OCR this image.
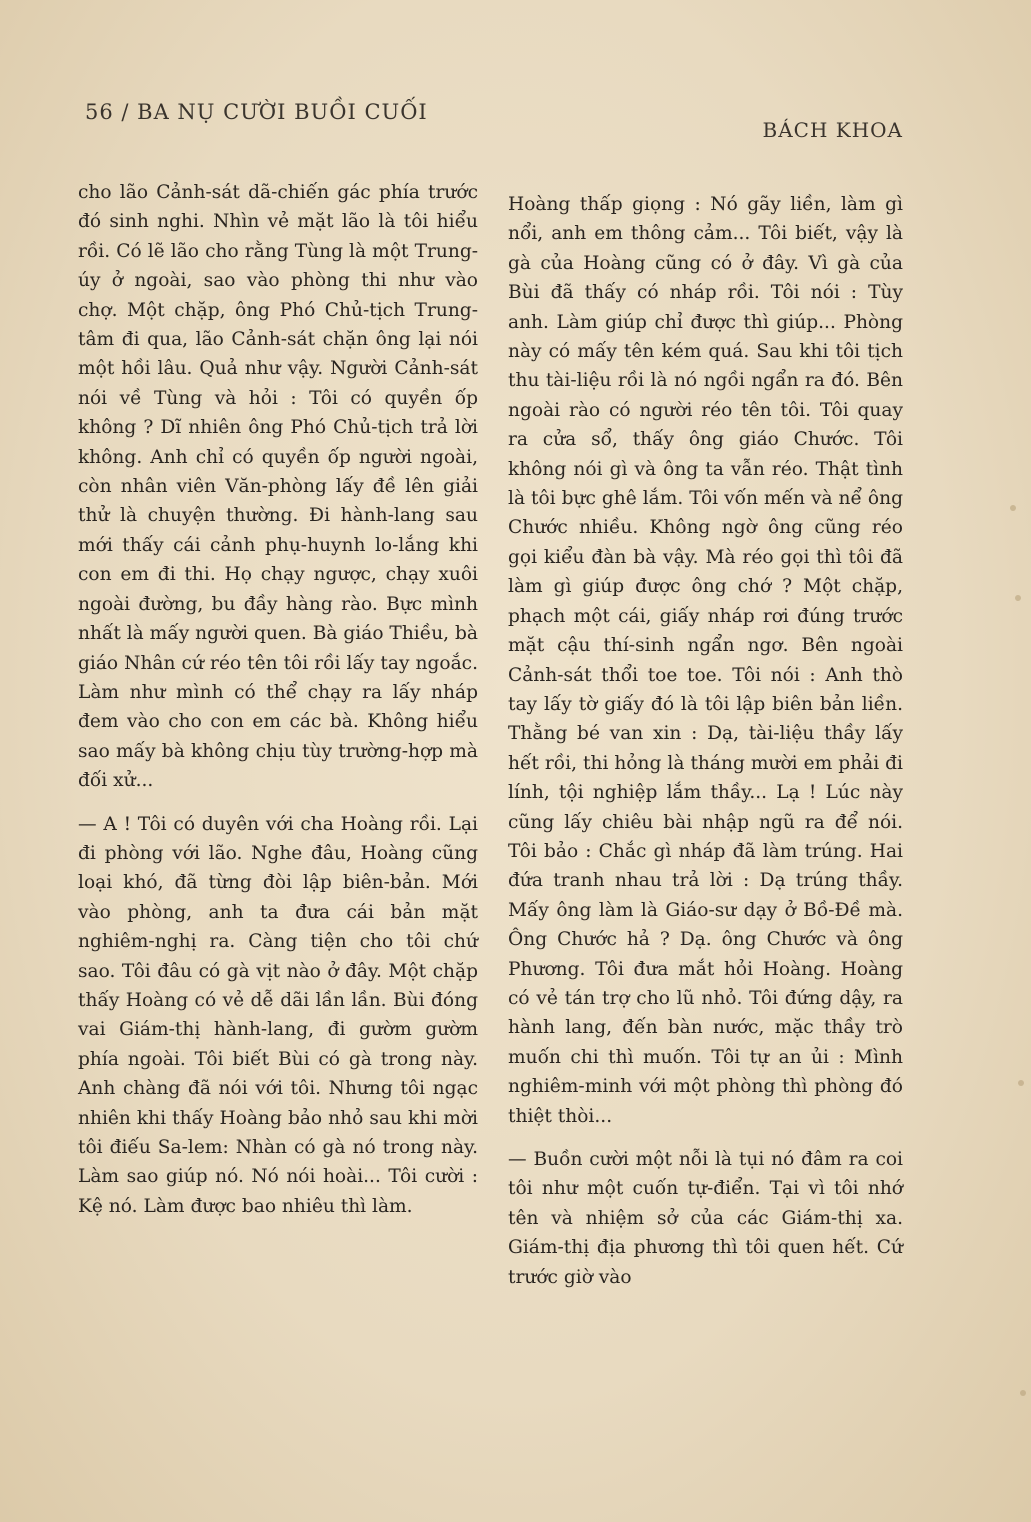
56 / BA NỤ CƯỜI BUỒI CUỐI
BÁCH KHOA

cho lão Cảnh-sát dã-chiến gác phía trước đó sinh nghi. Nhìn vẻ mặt lão là tôi hiểu rồi. Có lẽ lão cho rằng Tùng là một Trung-úy ở ngoài, sao vào phòng thi như vào chợ. Một chặp, ông Phó Chủ-tịch Trung-tâm đi qua, lão Cảnh-sát chặn ông lại nói một hồi lâu. Quả như vậy. Người Cảnh-sát nói về Tùng và hỏi : Tôi có quyền ốp không ? Dĩ nhiên ông Phó Chủ-tịch trả lời không. Anh chỉ có quyền ốp người ngoài, còn nhân viên Văn-phòng lấy đề lên giải thử là chuyện thường. Đi hành-lang sau mới thấy cái cảnh phụ-huynh lo-lắng khi con em đi thi. Họ chạy ngược, chạy xuôi ngoài đường, bu đầy hàng rào. Bực mình nhất là mấy người quen. Bà giáo Thiều, bà giáo Nhân cứ réo tên tôi rồi lấy tay ngoắc. Làm như mình có thể chạy ra lấy nháp đem vào cho con em các bà. Không hiểu sao mấy bà không chịu tùy trường-hợp mà đối xử...

— A ! Tôi có duyên với cha Hoàng rồi. Lại đi phòng với lão. Nghe đâu, Hoàng cũng loại khó, đã từng đòi lập biên-bản. Mới vào phòng, anh ta đưa cái bản mặt nghiêm-nghị ra. Càng tiện cho tôi chứ sao. Tôi đâu có gà vịt nào ở đây. Một chặp thấy Hoàng có vẻ dễ dãi lần lần. Bùi đóng vai Giám-thị hành-lang, đi gườm gườm phía ngoài. Tôi biết Bùi có gà trong này. Anh chàng đã nói với tôi. Nhưng tôi ngạc nhiên khi thấy Hoàng bảo nhỏ sau khi mời tôi điếu Sa-lem: Nhàn có gà nó trong này. Làm sao giúp nó. Nó nói hoài... Tôi cười : Kệ nó. Làm được bao nhiêu thì làm.

Hoàng thấp giọng : Nó gãy liền, làm gì nổi, anh em thông cảm... Tôi biết, vậy là gà của Hoàng cũng có ở đây. Vì gà của Bùi đã thấy có nháp rồi. Tôi nói : Tùy anh. Làm giúp chỉ được thì giúp... Phòng này có mấy tên kém quá. Sau khi tôi tịch thu tài-liệu rồi là nó ngồi ngẩn ra đó. Bên ngoài rào có người réo tên tôi. Tôi quay ra cửa sổ, thấy ông giáo Chước. Tôi không nói gì và ông ta vẫn réo. Thật tình là tôi bực ghê lắm. Tôi vốn mến và nể ông Chước nhiều. Không ngờ ông cũng réo gọi kiểu đàn bà vậy. Mà réo gọi thì tôi đã làm gì giúp được ông chớ ? Một chặp, phạch một cái, giấy nháp rơi đúng trước mặt cậu thí-sinh ngẩn ngơ. Bên ngoài Cảnh-sát thổi toe toe. Tôi nói : Anh thò tay lấy tờ giấy đó là tôi lập biên bản liền. Thằng bé van xin : Dạ, tài-liệu thầy lấy hết rồi, thi hỏng là tháng mười em phải đi lính, tội nghiệp lắm thầy... Lạ ! Lúc này cũng lấy chiêu bài nhập ngũ ra để nói. Tôi bảo : Chắc gì nháp đã làm trúng. Hai đứa tranh nhau trả lời : Dạ trúng thầy. Mấy ông làm là Giáo-sư dạy ở Bồ-Đề mà. Ông Chước hả ? Dạ. ông Chước và ông Phương. Tôi đưa mắt hỏi Hoàng. Hoàng có vẻ tán trợ cho lũ nhỏ. Tôi đứng dậy, ra hành lang, đến bàn nước, mặc thầy trò muốn chi thì muốn. Tôi tự an ủi : Mình nghiêm-minh với một phòng thì phòng đó thiệt thòi...

— Buồn cười một nỗi là tụi nó đâm ra coi tôi như một cuốn tự-điển. Tại vì tôi nhớ tên và nhiệm sở của các Giám-thị xa. Giám-thị địa phương thì tôi quen hết. Cứ trước giờ vào
